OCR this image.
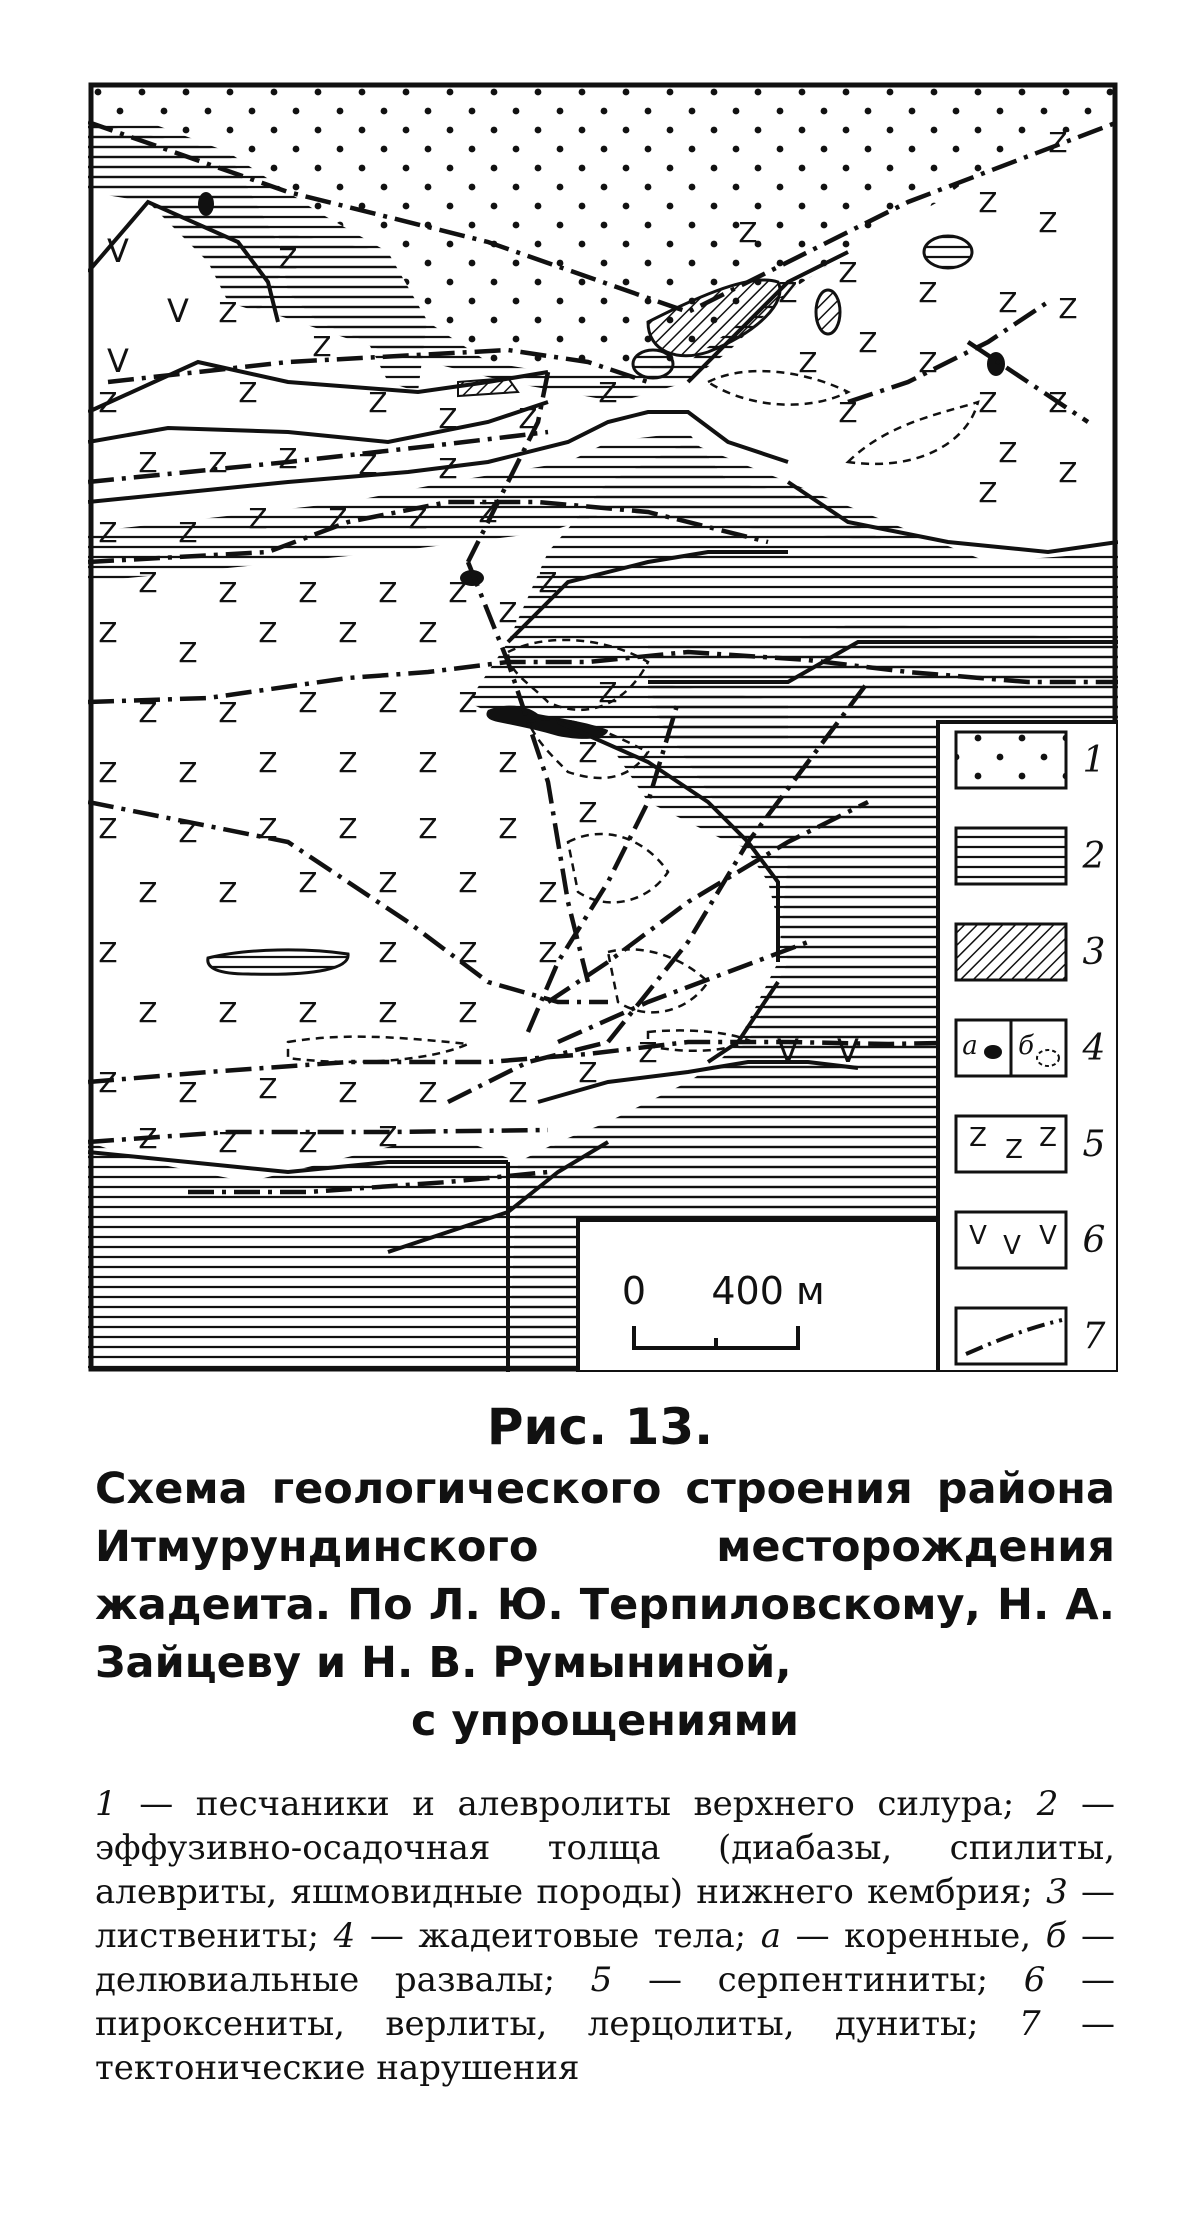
Z
Z
Z
Z	Z Z
Z
Z Z Z Z Z
Z
Z
Z
Z
Z
Z
Z
Z
Z
Z Z
Z
Z
Z
Z Z
Z
Z
Z
Z
Z Z Z Z Z Z
Z Z Z Z Z	Z
Z
Z
Z Z Z
Z
Z Z Z Z Z	Z
Z Z Z Z Z Z Z
Z Z Z Z Z Z Z
Z Z Z Z Z Z
Z	Z Z Z
Z Z Z Z Z
Z Z Z Z Z	Z
Z Z Z Z
Z
Z
V
V
V
V V
0 400 м
а б
Z Z Z
V V V
1
2
3
4
5
6
7
Рис. 13.
Схема геологического строения района Итмурундинского месторождения жадеита. По Л. Ю. Терпиловскому, Н. А. Зайцеву и Н. В. Румыниной,
с упрощениями
1 — песчаники и алевролиты верхнего силура; 2 — эффузивно-осадочная толща (диабазы, спилиты, алевриты, яшмовидные породы) нижнего кембрия; 3 — листвениты; 4 — жадеитовые тела; а — коренные, б — делювиальные развалы; 5 — серпентиниты; 6 — пироксениты, верлиты, лерцолиты, дуниты; 7 — тектонические нарушения
